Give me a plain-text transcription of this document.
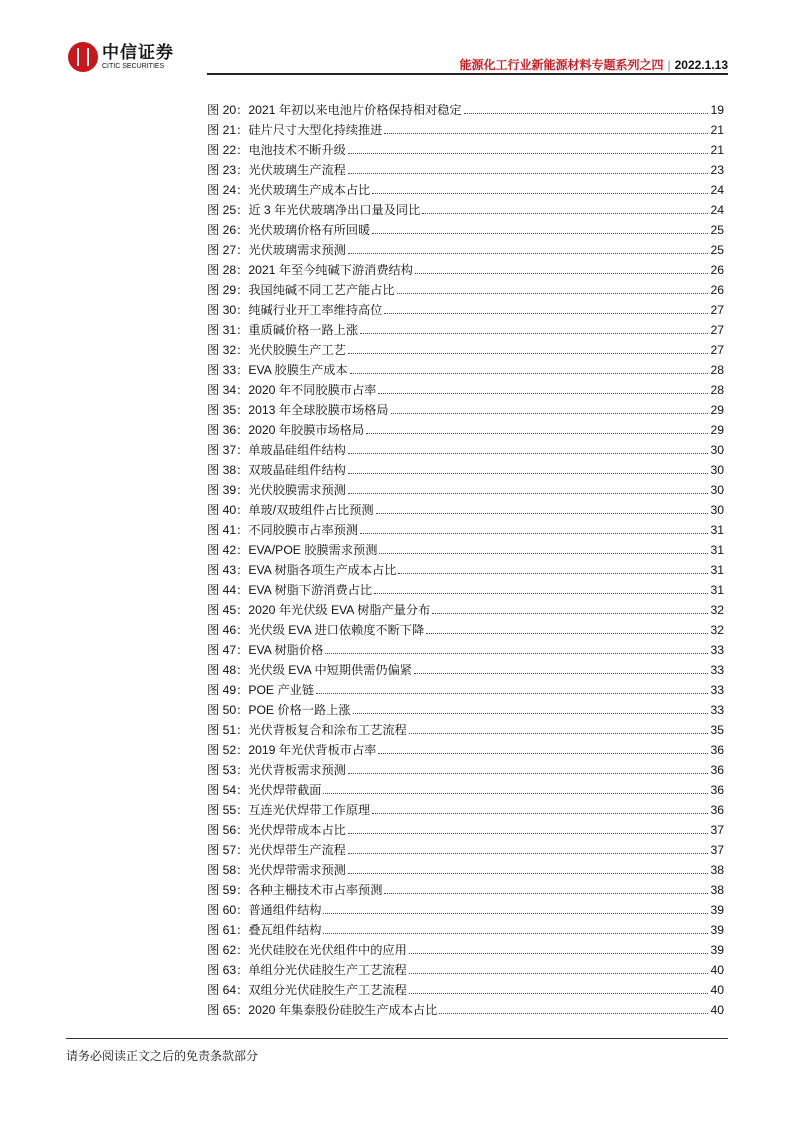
中信证券
CITIC SECURITIES	能源化工行业新能源材料专题系列之四 | 2022.1.13
图 20：2021 年初以来电池片价格保持相对稳定	19
图 21：硅片尺寸大型化持续推进	21
图 22：电池技术不断升级	21
图 23：光伏玻璃生产流程	23
图 24：光伏玻璃生产成本占比	24
图 25：近 3 年光伏玻璃净出口量及同比	24
图 26：光伏玻璃价格有所回暖	25
图 27：光伏玻璃需求预测	25
图 28：2021 年至今纯碱下游消费结构	26
图 29：我国纯碱不同工艺产能占比	26
图 30：纯碱行业开工率维持高位	27
图 31：重质碱价格一路上涨	27
图 32：光伏胶膜生产工艺	27
图 33：EVA 胶膜生产成本	28
图 34：2020 年不同胶膜市占率	28
图 35：2013 年全球胶膜市场格局	29
图 36：2020 年胶膜市场格局	29
图 37：单玻晶硅组件结构	30
图 38：双玻晶硅组件结构	30
图 39：光伏胶膜需求预测	30
图 40：单玻/双玻组件占比预测	30
图 41：不同胶膜市占率预测	31
图 42：EVA/POE 胶膜需求预测	31
图 43：EVA 树脂各项生产成本占比	31
图 44：EVA 树脂下游消费占比	31
图 45：2020 年光伏级 EVA 树脂产量分布	32
图 46：光伏级 EVA 进口依赖度不断下降	32
图 47：EVA 树脂价格	33
图 48：光伏级 EVA 中短期供需仍偏紧	33
图 49：POE 产业链	33
图 50：POE 价格一路上涨	33
图 51：光伏背板复合和涂布工艺流程	35
图 52：2019 年光伏背板市占率	36
图 53：光伏背板需求预测	36
图 54：光伏焊带截面	36
图 55：互连光伏焊带工作原理	36
图 56：光伏焊带成本占比	37
图 57：光伏焊带生产流程	37
图 58：光伏焊带需求预测	38
图 59：各种主栅技术市占率预测	38
图 60：普通组件结构	39
图 61：叠瓦组件结构	39
图 62：光伏硅胶在光伏组件中的应用	39
图 63：单组分光伏硅胶生产工艺流程	40
图 64：双组分光伏硅胶生产工艺流程	40
图 65：2020 年集泰股份硅胶生产成本占比	40
请务必阅读正文之后的免责条款部分
